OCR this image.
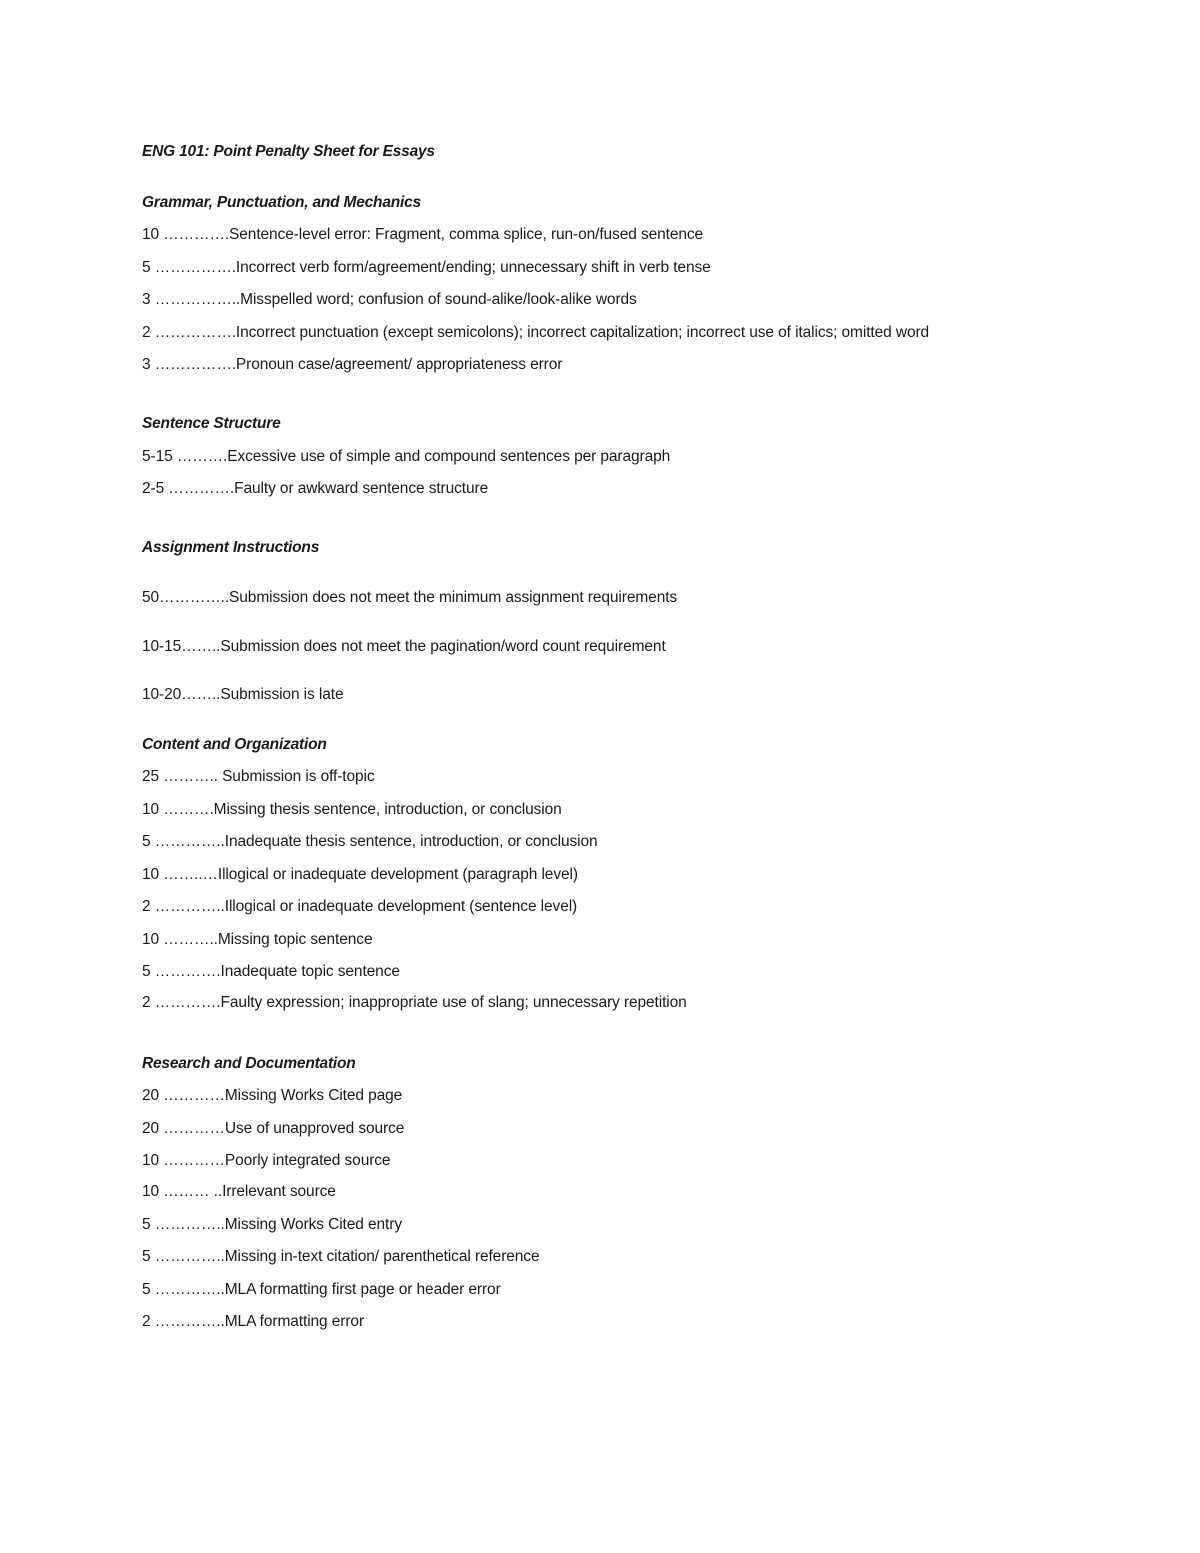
ENG 101: Point Penalty Sheet for Essays
Grammar, Punctuation, and Mechanics
10 ………….Sentence-level error: Fragment, comma splice, run-on/fused sentence
5 …………….Incorrect verb form/agreement/ending; unnecessary shift in verb tense
3 ……………..Misspelled word; confusion of sound-alike/look-alike words
2 …………….Incorrect punctuation (except semicolons); incorrect capitalization; incorrect use of italics; omitted word
3 …………….Pronoun case/agreement/ appropriateness error
Sentence Structure
5-15 ……….Excessive use of simple and compound sentences per paragraph
2-5 ………….Faulty or awkward sentence structure
Assignment Instructions
50…………..Submission does not meet the minimum assignment requirements
10-15……..Submission does not meet the pagination/word count requirement
10-20……..Submission is late
Content and Organization
25 ……….. Submission is off-topic
10 ……….Missing thesis sentence, introduction, or conclusion
5 …………..Inadequate thesis sentence, introduction, or conclusion
10 ……..…Illogical or inadequate development (paragraph level)
2 …………..Illogical or inadequate development (sentence level)
10 ………..Missing topic sentence
5 ………….Inadequate topic sentence
2 ………….Faulty expression; inappropriate use of slang; unnecessary repetition
Research and Documentation
20 …………Missing Works Cited page
20 …………Use of unapproved source
10 …………Poorly integrated source
10 ……… ..Irrelevant source
5 …………..Missing Works Cited entry
5 …………..Missing in-text citation/ parenthetical reference
5 …………..MLA formatting first page or header error
2 …………..MLA formatting error
